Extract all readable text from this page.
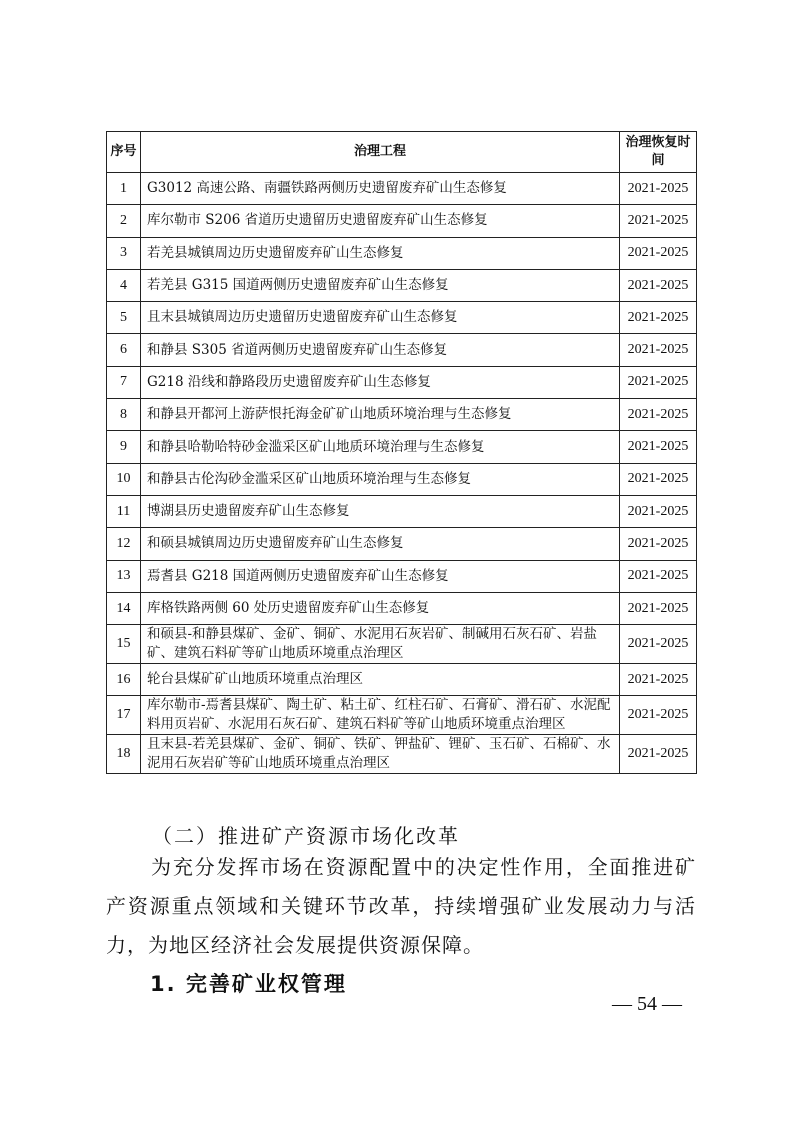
序号	治理工程	治理恢复时间
1	G3012 高速公路、南疆铁路两侧历史遗留废弃矿山生态修复	2021-2025
2	库尔勒市 S206 省道历史遗留历史遗留废弃矿山生态修复	2021-2025
3	若羌县城镇周边历史遗留废弃矿山生态修复	2021-2025
4	若羌县 G315 国道两侧历史遗留废弃矿山生态修复	2021-2025
5	且末县城镇周边历史遗留历史遗留废弃矿山生态修复	2021-2025
6	和静县 S305 省道两侧历史遗留废弃矿山生态修复	2021-2025
7	G218 沿线和静路段历史遗留废弃矿山生态修复	2021-2025
8	和静县开都河上游萨恨托海金矿矿山地质环境治理与生态修复	2021-2025
9	和静县哈勒哈特砂金滥采区矿山地质环境治理与生态修复	2021-2025
10	和静县古伦沟砂金滥采区矿山地质环境治理与生态修复	2021-2025
11	博湖县历史遗留废弃矿山生态修复	2021-2025
12	和硕县城镇周边历史遗留废弃矿山生态修复	2021-2025
13	焉耆县 G218 国道两侧历史遗留废弃矿山生态修复	2021-2025
14	库格铁路两侧 60 处历史遗留废弃矿山生态修复	2021-2025
15	和硕县-和静县煤矿、金矿、铜矿、水泥用石灰岩矿、制碱用石灰石矿、岩盐矿、建筑石料矿等矿山地质环境重点治理区	2021-2025
16	轮台县煤矿矿山地质环境重点治理区	2021-2025
17	库尔勒市-焉耆县煤矿、陶土矿、粘土矿、红柱石矿、石膏矿、滑石矿、水泥配料用页岩矿、水泥用石灰石矿、建筑石料矿等矿山地质环境重点治理区	2021-2025
18	且末县-若羌县煤矿、金矿、铜矿、铁矿、钾盐矿、锂矿、玉石矿、石棉矿、水泥用石灰岩矿等矿山地质环境重点治理区	2021-2025
（二）推进矿产资源市场化改革
为充分发挥市场在资源配置中的决定性作用，全面推进矿产资源重点领域和关键环节改革，持续增强矿业发展动力与活力，为地区经济社会发展提供资源保障。
1. 完善矿业权管理
— 54 —
